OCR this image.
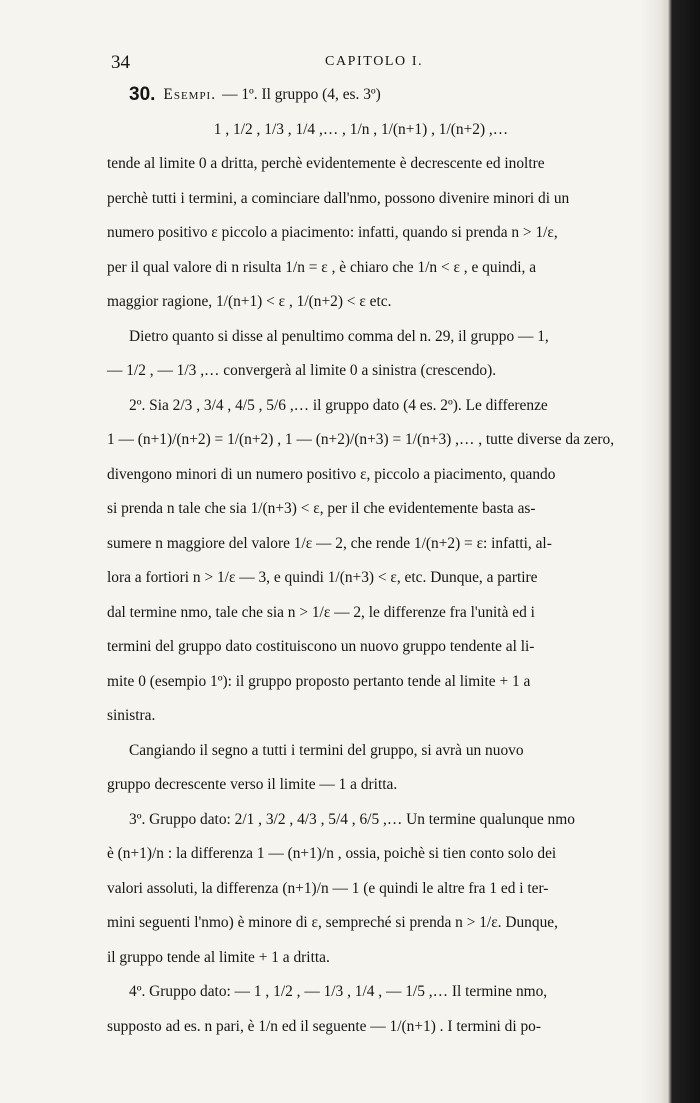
34	CAPITOLO I.
30. Esempi. — 1º. Il gruppo (4, es. 3º)
1 , 1/2 , 1/3 , 1/4 ,… , 1/n , 1/(n+1) , 1/(n+2) ,…
tende al limite 0 a dritta, perchè evidentemente è decrescente ed inoltre
perchè tutti i termini, a cominciare dall'nmo, possono divenire minori di un
numero positivo ε piccolo a piacimento: infatti, quando si prenda n > 1/ε,
per il qual valore di n risulta 1/n = ε , è chiaro che 1/n < ε , e quindi, a
maggior ragione, 1/(n+1) < ε , 1/(n+2) < ε etc.
Dietro quanto si disse al penultimo comma del n. 29, il gruppo — 1,
— 1/2 , — 1/3 ,… convergerà al limite 0 a sinistra (crescendo).
2º. Sia 2/3 , 3/4 , 4/5 , 5/6 ,… il gruppo dato (4 es. 2º). Le differenze
1 — (n+1)/(n+2) = 1/(n+2) , 1 — (n+2)/(n+3) = 1/(n+3) ,… , tutte diverse da zero,
divengono minori di un numero positivo ε, piccolo a piacimento, quando
si prenda n tale che sia 1/(n+3) < ε, per il che evidentemente basta as-
sumere n maggiore del valore 1/ε — 2, che rende 1/(n+2) = ε: infatti, al-
lora a fortiori n > 1/ε — 3, e quindi 1/(n+3) < ε, etc. Dunque, a partire
dal termine nmo, tale che sia n > 1/ε — 2, le differenze fra l'unità ed i
termini del gruppo dato costituiscono un nuovo gruppo tendente al li-
mite 0 (esempio 1º): il gruppo proposto pertanto tende al limite + 1 a
sinistra.
Cangiando il segno a tutti i termini del gruppo, si avrà un nuovo
gruppo decrescente verso il limite — 1 a dritta.
3º. Gruppo dato: 2/1 , 3/2 , 4/3 , 5/4 , 6/5 ,… Un termine qualunque nmo
è (n+1)/n : la differenza 1 — (n+1)/n , ossia, poichè si tien conto solo dei
valori assoluti, la differenza (n+1)/n — 1 (e quindi le altre fra 1 ed i ter-
mini seguenti l'nmo) è minore di ε, sempreché si prenda n > 1/ε. Dunque,
il gruppo tende al limite + 1 a dritta.
4º. Gruppo dato: — 1 , 1/2 , — 1/3 , 1/4 , — 1/5 ,… Il termine nmo,
supposto ad es. n pari, è 1/n ed il seguente — 1/(n+1) . I termini di po-
